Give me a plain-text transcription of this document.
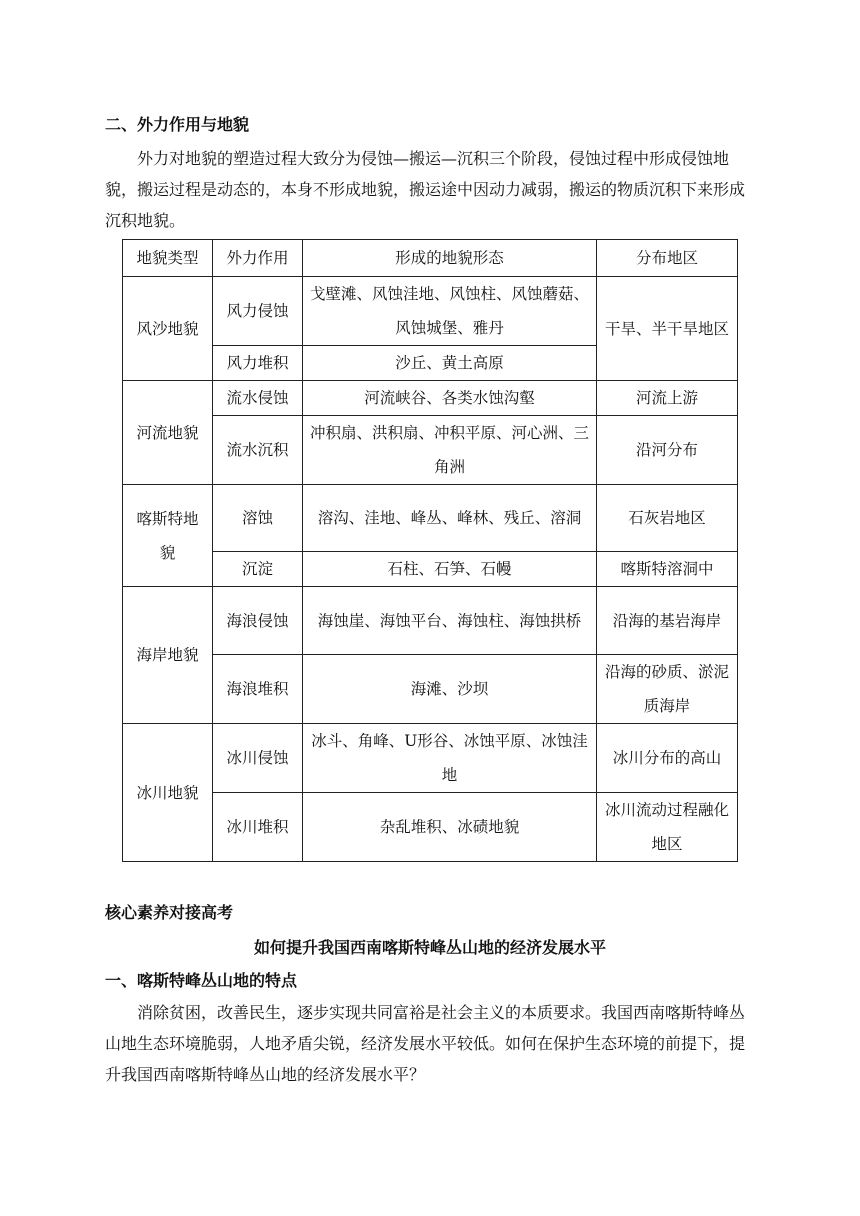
二、外力作用与地貌
外力对地貌的塑造过程大致分为侵蚀—搬运—沉积三个阶段，侵蚀过程中形成侵蚀地貌，搬运过程是动态的，本身不形成地貌，搬运途中因动力减弱，搬运的物质沉积下来形成沉积地貌。
地貌类型	外力作用	形成的地貌形态	分布地区
风沙地貌	风力侵蚀	戈壁滩、风蚀洼地、风蚀柱、风蚀蘑菇、风蚀城堡、雅丹	干旱、半干旱地区
	风力堆积	沙丘、黄土高原	
河流地貌	流水侵蚀	河流峡谷、各类水蚀沟壑	河流上游
	流水沉积	冲积扇、洪积扇、冲积平原、河心洲、三角洲	沿河分布
喀斯特地貌	溶蚀	溶沟、洼地、峰丛、峰林、残丘、溶洞	石灰岩地区
	沉淀	石柱、石笋、石幔	喀斯特溶洞中
海岸地貌	海浪侵蚀	海蚀崖、海蚀平台、海蚀柱、海蚀拱桥	沿海的基岩海岸
	海浪堆积	海滩、沙坝	沿海的砂质、淤泥质海岸
冰川地貌	冰川侵蚀	冰斗、角峰、U形谷、冰蚀平原、冰蚀洼地	冰川分布的高山
	冰川堆积	杂乱堆积、冰碛地貌	冰川流动过程融化地区
核心素养对接高考
如何提升我国西南喀斯特峰丛山地的经济发展水平
一、喀斯特峰丛山地的特点
消除贫困，改善民生，逐步实现共同富裕是社会主义的本质要求。我国西南喀斯特峰丛山地生态环境脆弱，人地矛盾尖锐，经济发展水平较低。如何在保护生态环境的前提下，提升我国西南喀斯特峰丛山地的经济发展水平？
